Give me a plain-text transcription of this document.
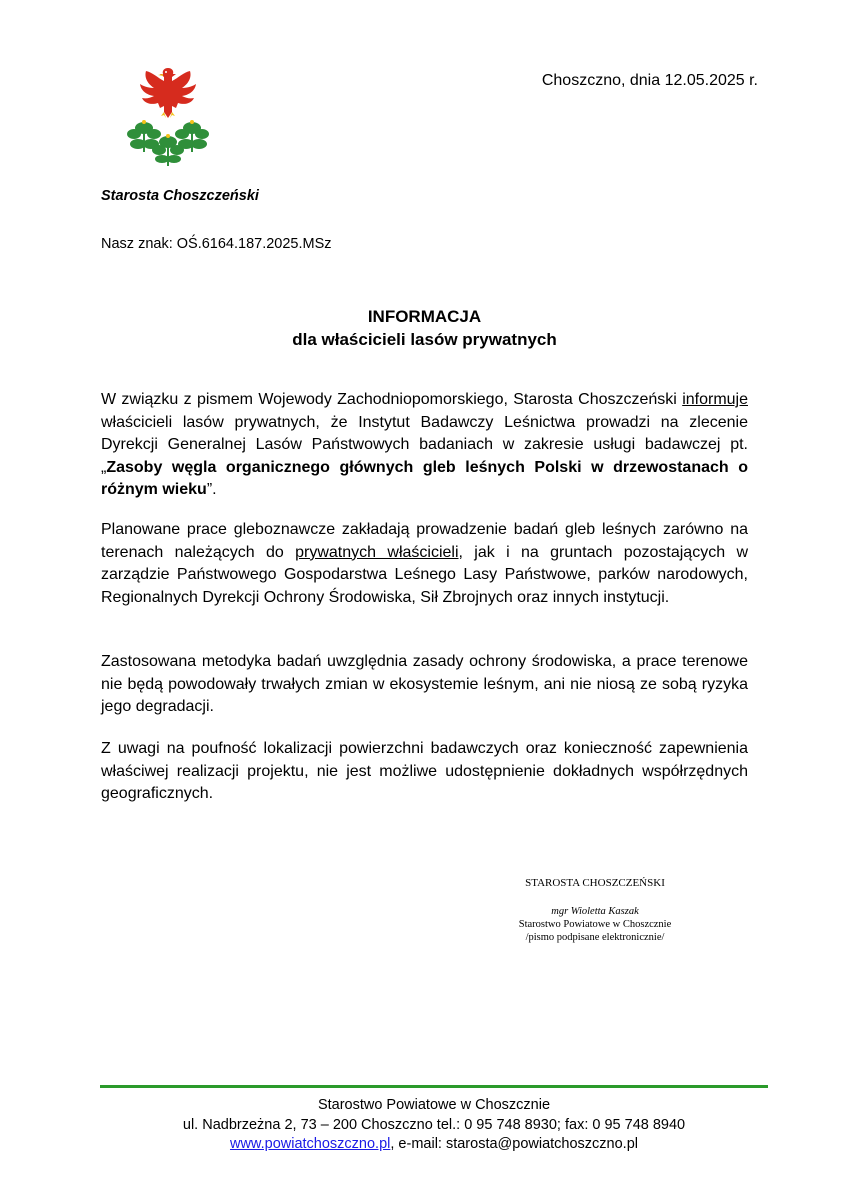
Choszczno, dnia 12.05.2025 r.
Starosta Choszczeński
Nasz znak: OŚ.6164.187.2025.MSz
INFORMACJA
dla właścicieli lasów prywatnych
W związku z pismem Wojewody Zachodniopomorskiego, Starosta Choszczeński informuje właścicieli lasów prywatnych, że Instytut Badawczy Leśnictwa prowadzi na zlecenie Dyrekcji Generalnej Lasów Państwowych badaniach w zakresie usługi badawczej pt. „Zasoby węgla organicznego głównych gleb leśnych Polski w drzewostanach o różnym wieku”.
Planowane prace gleboznawcze zakładają prowadzenie badań gleb leśnych zarówno na terenach należących do prywatnych właścicieli, jak i na gruntach pozostających w zarządzie Państwowego Gospodarstwa Leśnego Lasy Państwowe, parków narodowych, Regionalnych Dyrekcji Ochrony Środowiska, Sił Zbrojnych oraz innych instytucji.
Zastosowana metodyka badań uwzględnia zasady ochrony środowiska, a prace terenowe nie będą powodowały trwałych zmian w ekosystemie leśnym, ani nie niosą ze sobą ryzyka jego degradacji.
Z uwagi na poufność lokalizacji powierzchni badawczych oraz konieczność zapewnienia właściwej realizacji projektu, nie jest możliwe udostępnienie dokładnych współrzędnych geograficznych.
STAROSTA CHOSZCZEŃSKI
mgr Wioletta Kaszak
Starostwo Powiatowe w Choszcznie
/pismo podpisane elektronicznie/
Starostwo Powiatowe w Choszcznie
ul. Nadbrzeżna 2, 73 – 200 Choszczno tel.: 0 95 748 8930; fax: 0 95 748 8940
www.powiatchoszczno.pl, e-mail: starosta@powiatchoszczno.pl
